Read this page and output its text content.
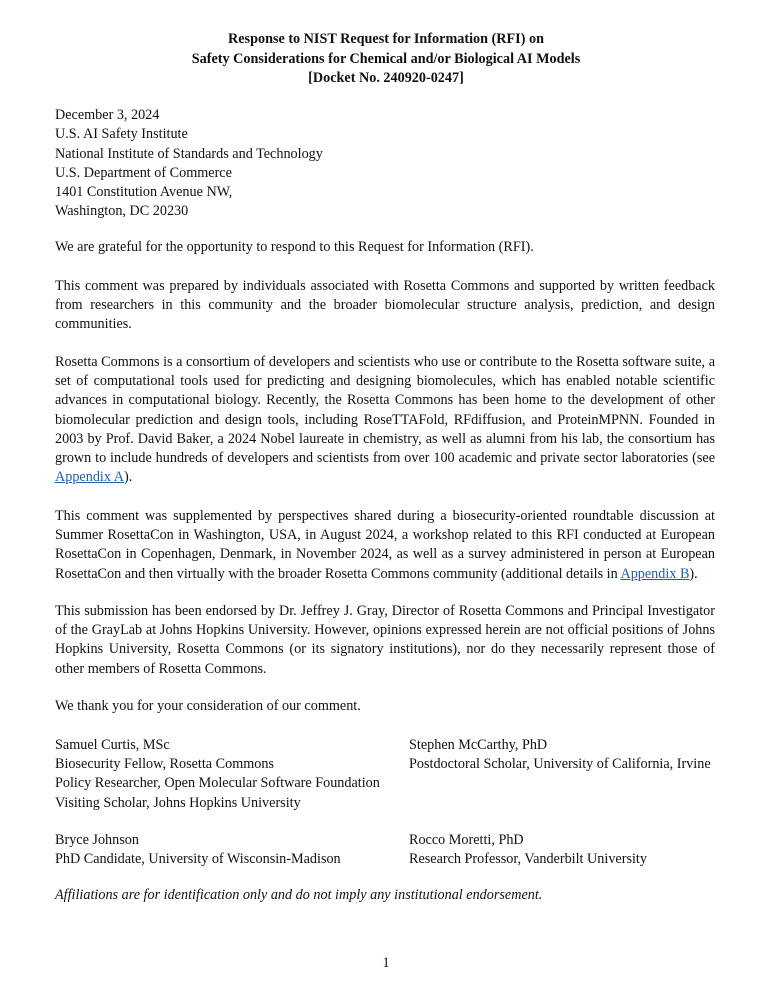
Response to NIST Request for Information (RFI) on
Safety Considerations for Chemical and/or Biological AI Models
[Docket No. 240920-0247]
December 3, 2024
U.S. AI Safety Institute
National Institute of Standards and Technology
U.S. Department of Commerce
1401 Constitution Avenue NW,
Washington, DC 20230

We are grateful for the opportunity to respond to this Request for Information (RFI).

This comment was prepared by individuals associated with Rosetta Commons and supported by written feedback from researchers in this community and the broader biomolecular structure analysis, prediction, and design communities.

Rosetta Commons is a consortium of developers and scientists who use or contribute to the Rosetta software suite, a set of computational tools used for predicting and designing biomolecules, which has enabled notable scientific advances in computational biology. Recently, the Rosetta Commons has been home to the development of other biomolecular prediction and design tools, including RoseTTAFold, RFdiffusion, and ProteinMPNN. Founded in 2003 by Prof. David Baker, a 2024 Nobel laureate in chemistry, as well as alumni from his lab, the consortium has grown to include hundreds of developers and scientists from over 100 academic and private sector laboratories (see Appendix A).

This comment was supplemented by perspectives shared during a biosecurity-oriented roundtable discussion at Summer RosettaCon in Washington, USA, in August 2024, a workshop related to this RFI conducted at European RosettaCon in Copenhagen, Denmark, in November 2024, as well as a survey administered in person at European RosettaCon and then virtually with the broader Rosetta Commons community (additional details in Appendix B).

This submission has been endorsed by Dr. Jeffrey J. Gray, Director of Rosetta Commons and Principal Investigator of the GrayLab at Johns Hopkins University. However, opinions expressed herein are not official positions of Johns Hopkins University, Rosetta Commons (or its signatory institutions), nor do they necessarily represent those of other members of Rosetta Commons.

We thank you for your consideration of our comment.

Samuel Curtis, MSc
Biosecurity Fellow, Rosetta Commons
Policy Researcher, Open Molecular Software Foundation
Visiting Scholar, Johns Hopkins University
Stephen McCarthy, PhD
Postdoctoral Scholar, University of California, Irvine
Bryce Johnson
PhD Candidate, University of Wisconsin-Madison
Rocco Moretti, PhD
Research Professor, Vanderbilt University
Affiliations are for identification only and do not imply any institutional endorsement.
1
